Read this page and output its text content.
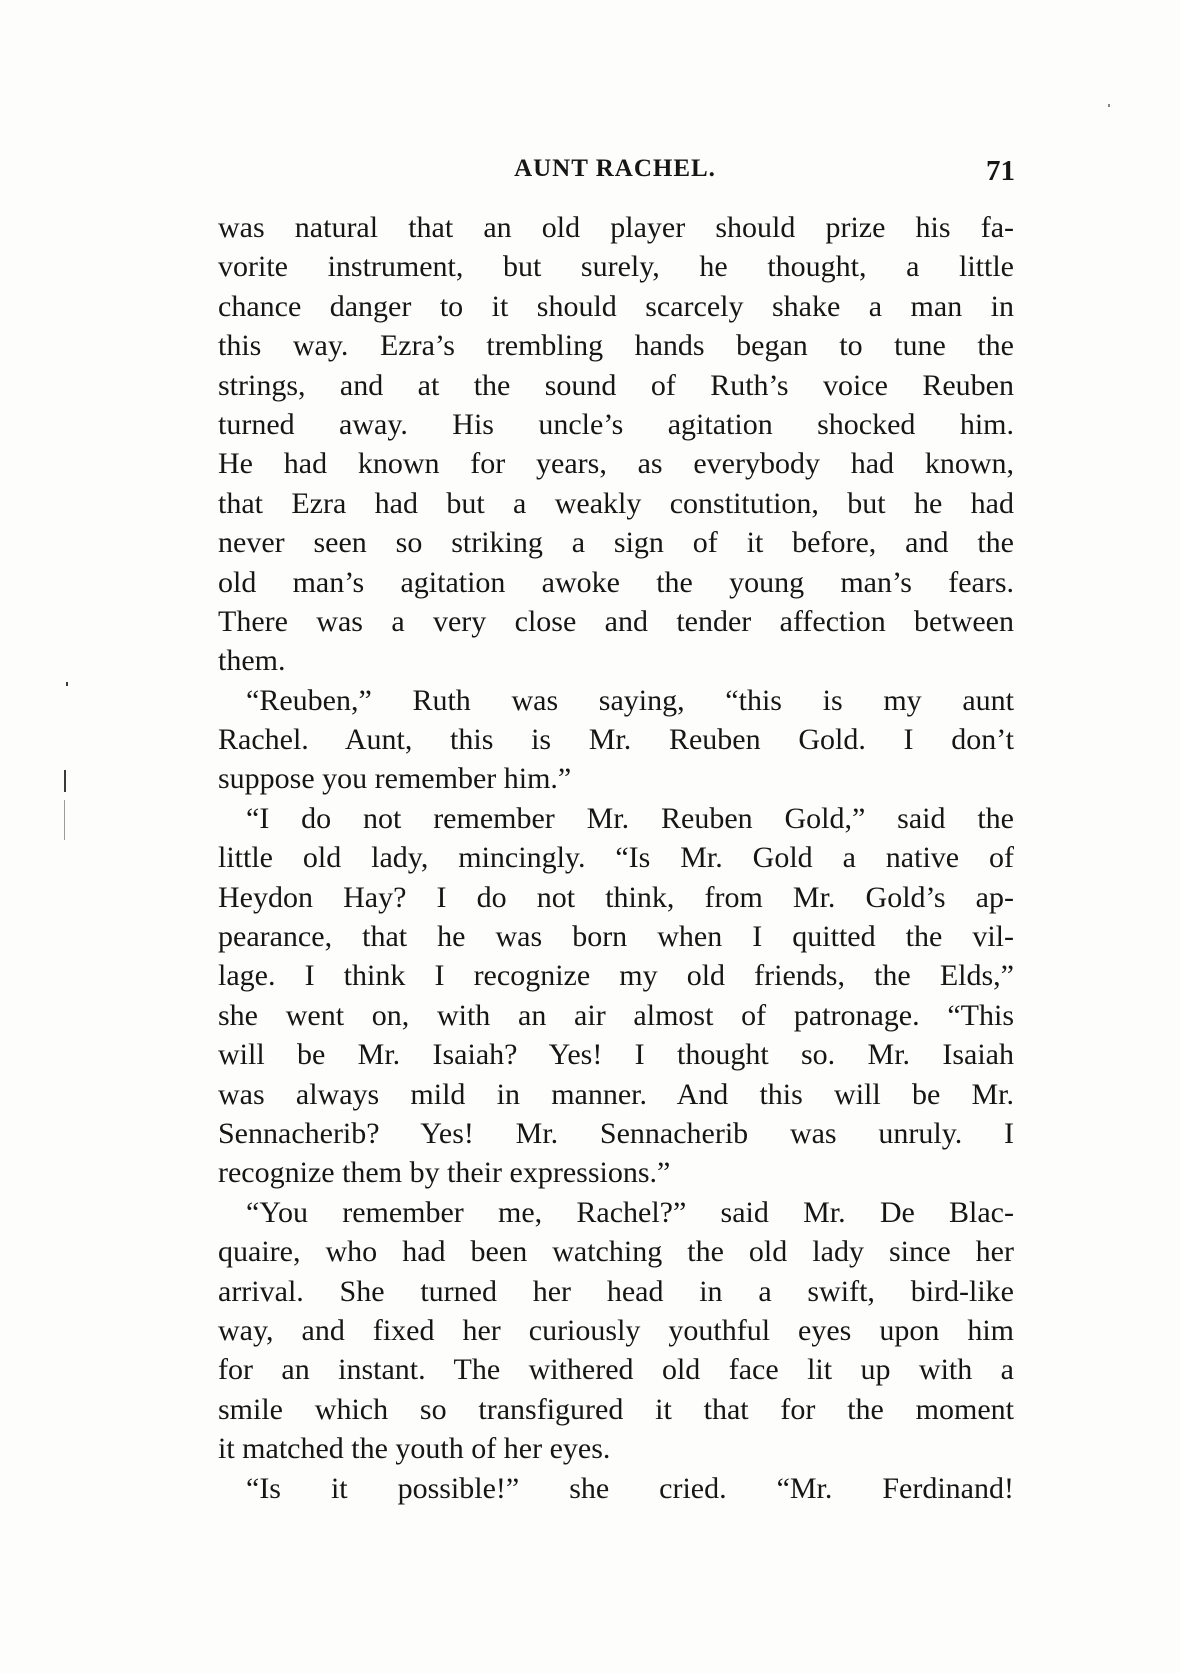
AUNT RACHEL.	71
was natural that an old player should prize his fa-
vorite instrument, but surely, he thought, a little
chance danger to it should scarcely shake a man in
this way. Ezra’s trembling hands began to tune the
strings, and at the sound of Ruth’s voice Reuben
turned away. His uncle’s agitation shocked him.
He had known for years, as everybody had known,
that Ezra had but a weakly constitution, but he had
never seen so striking a sign of it before, and the
old man’s agitation awoke the young man’s fears.
There was a very close and tender affection between
them.
“Reuben,” Ruth was saying, “this is my aunt
Rachel. Aunt, this is Mr. Reuben Gold. I don’t
suppose you remember him.”
“I do not remember Mr. Reuben Gold,” said the
little old lady, mincingly. “Is Mr. Gold a native of
Heydon Hay? I do not think, from Mr. Gold’s ap-
pearance, that he was born when I quitted the vil-
lage. I think I recognize my old friends, the Elds,”
she went on, with an air almost of patronage. “This
will be Mr. Isaiah? Yes! I thought so. Mr. Isaiah
was always mild in manner. And this will be Mr.
Sennacherib? Yes! Mr. Sennacherib was unruly. I
recognize them by their expressions.”
“You remember me, Rachel?” said Mr. De Blac-
quaire, who had been watching the old lady since her
arrival. She turned her head in a swift, bird-like
way, and fixed her curiously youthful eyes upon him
for an instant. The withered old face lit up with a
smile which so transfigured it that for the moment
it matched the youth of her eyes.
“Is it possible!” she cried. “Mr. Ferdinand!
